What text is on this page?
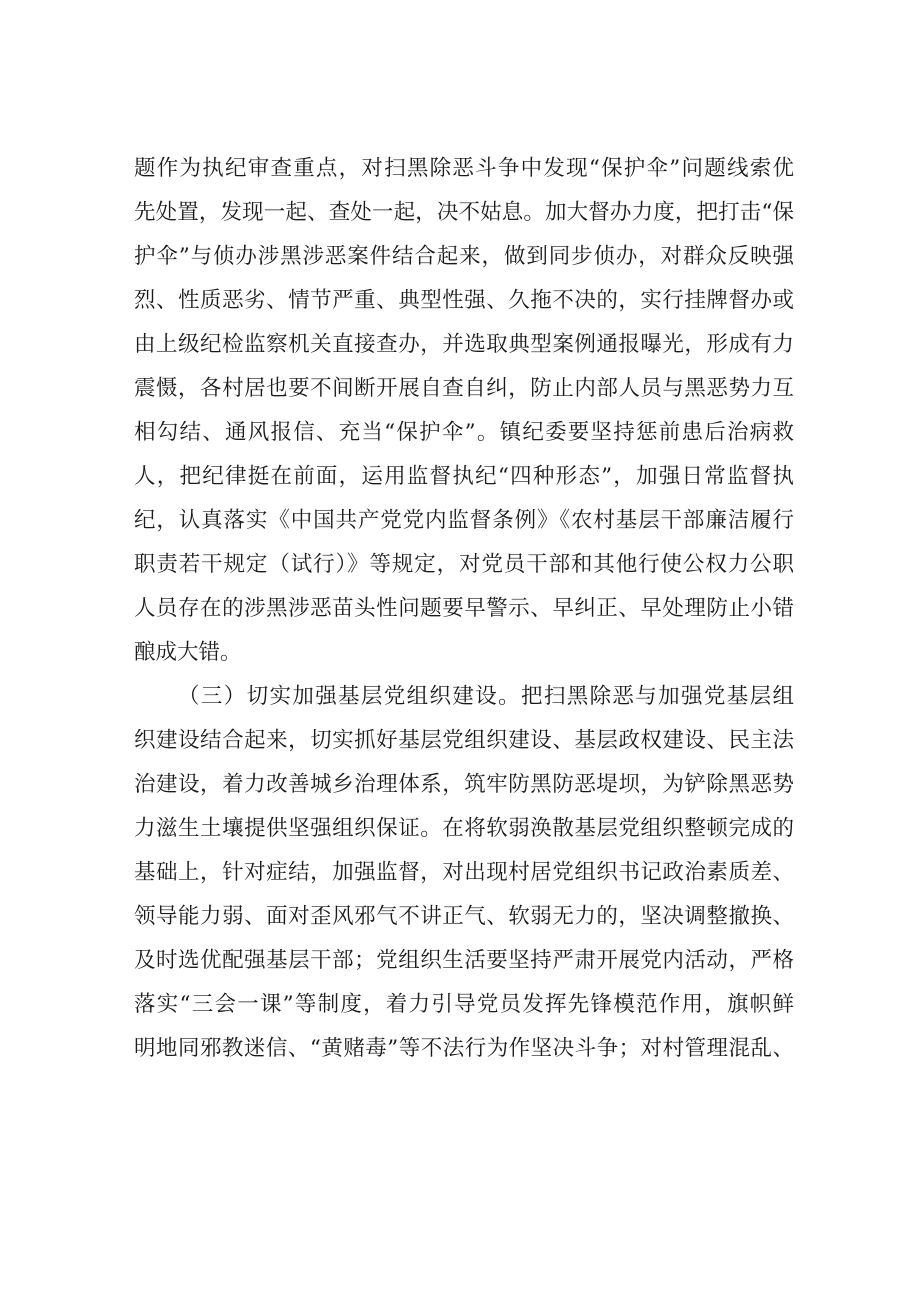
题作为执纪审查重点，对扫黑除恶斗争中发现“保护伞”问题线索优
先处置，发现一起、查处一起，决不姑息。加大督办力度，把打击“保
护伞”与侦办涉黑涉恶案件结合起来，做到同步侦办，对群众反映强
烈、性质恶劣、情节严重、典型性强、久拖不决的，实行挂牌督办或
由上级纪检监察机关直接查办，并选取典型案例通报曝光，形成有力
震慑，各村居也要不间断开展自查自纠，防止内部人员与黑恶势力互
相勾结、通风报信、充当“保护伞”。镇纪委要坚持惩前患后治病救
人，把纪律挺在前面，运用监督执纪“四种形态”，加强日常监督执
纪，认真落实《中国共产党党内监督条例》《农村基层干部廉洁履行
职责若干规定（试行）》等规定，对党员干部和其他行使公权力公职
人员存在的涉黑涉恶苗头性问题要早警示、早纠正、早处理防止小错
酿成大错。
（三）切实加强基层党组织建设。把扫黑除恶与加强党基层组
织建设结合起来，切实抓好基层党组织建设、基层政权建设、民主法
治建设，着力改善城乡治理体系，筑牢防黑防恶堤坝，为铲除黑恶势
力滋生土壤提供坚强组织保证。在将软弱涣散基层党组织整顿完成的
基础上，针对症结，加强监督，对出现村居党组织书记政治素质差、
领导能力弱、面对歪风邪气不讲正气、软弱无力的，坚决调整撤换、
及时选优配强基层干部；党组织生活要坚持严肃开展党内活动，严格
落实“三会一课”等制度，着力引导党员发挥先锋模范作用，旗帜鲜
明地同邪教迷信、“黄赌毒”等不法行为作坚决斗争；对村管理混乱、
